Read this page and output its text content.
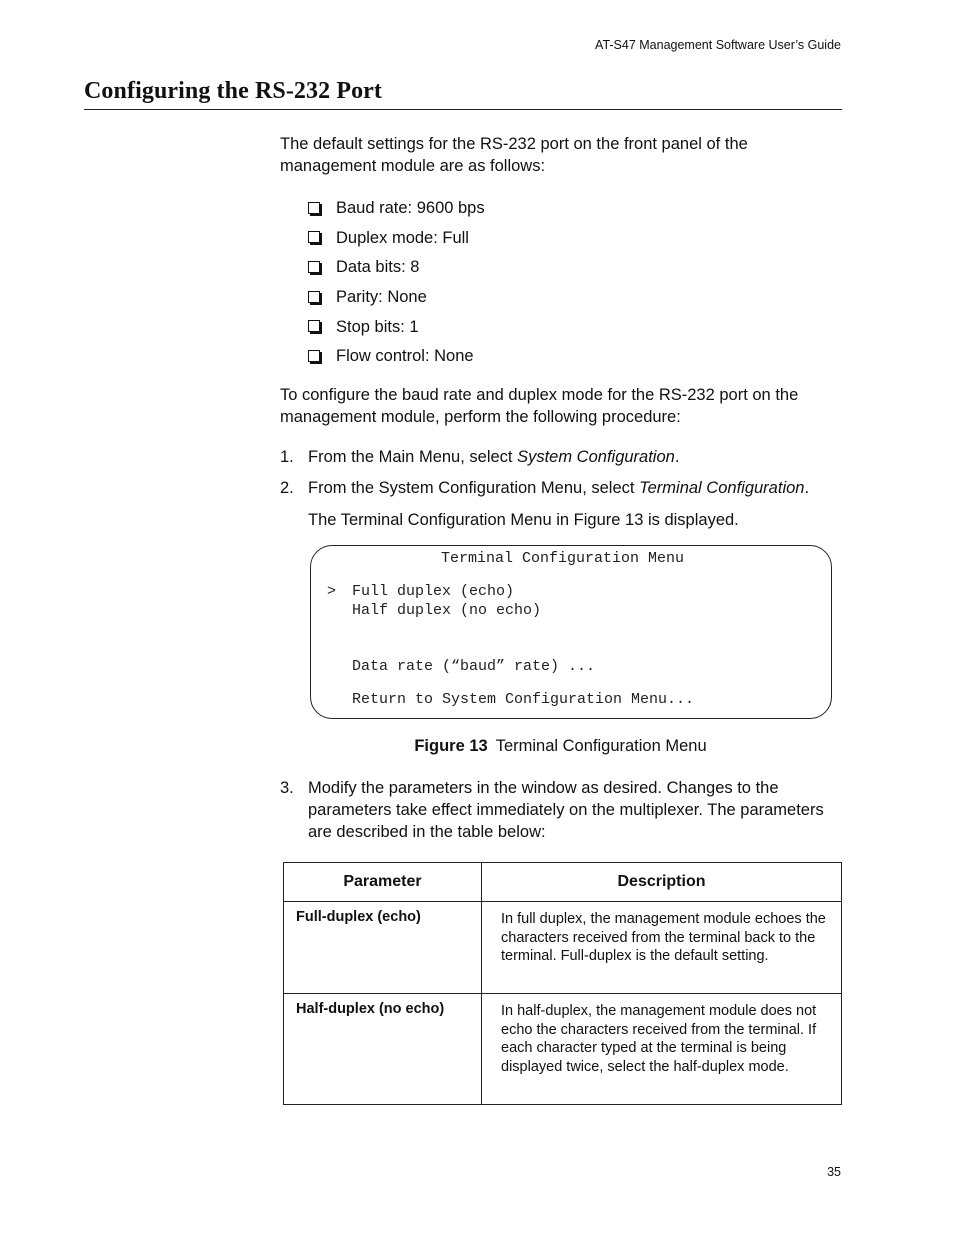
AT-S47 Management Software User’s Guide
Configuring the RS-232 Port

The default settings for the RS-232 port on the front panel of the management module are as follows:

Baud rate: 9600 bps
Duplex mode: Full
Data bits: 8
Parity: None
Stop bits: 1
Flow control: None

To configure the baud rate and duplex mode for the RS-232 port on the management module, perform the following procedure:

1. From the Main Menu, select System Configuration.
2. From the System Configuration Menu, select Terminal Configuration.
The Terminal Configuration Menu in Figure 13 is displayed.
Terminal Configuration Menu
> Full duplex (echo)
Half duplex (no echo)
Data rate (“baud” rate) ...
Return to System Configuration Menu...
Figure 13 Terminal Configuration Menu
3. Modify the parameters in the window as desired. Changes to the parameters take effect immediately on the multiplexer. The parameters are described in the table below:
Parameter	Description
Full-duplex (echo)	In full duplex, the management module echoes the characters received from the terminal back to the terminal. Full-duplex is the default setting.
Half-duplex (no echo)	In half-duplex, the management module does not echo the characters received from the terminal. If each character typed at the terminal is being displayed twice, select the half-duplex mode.
35
